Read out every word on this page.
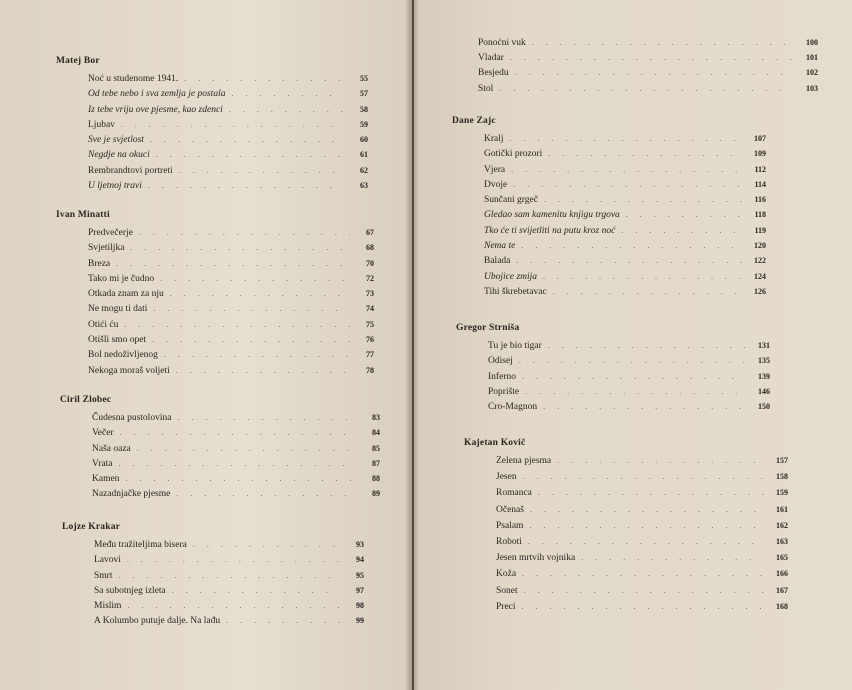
Matej Bor
Noć u studenome 1941. . . .	55
Od tebe nebo i sva zemlja je postala . . .	57
Iz tebe vriju ove pjesme, kao zdenci . . .	58
Ljubav . . .	59
Sve je svjetlost . . .	60
Negdje na okuci . . .	61
Rembrandtovi portreti . . .	62
U ljetnoj travi . . .	63
Ivan Minatti
Predvečerje . . .	67
Svjetiljka . . .	68
Breza . . .	70
Tako mi je čudno . . .	72
Otkada znam za nju . . .	73
Ne mogu ti dati . . .	74
Otići ću . . .	75
Otišli smo opet . . .	76
Bol nedoživljenog . . .	77
Nekoga moraš voljeti . . .	78
Ciril Zlobec
Čudesna pustolovina . . .	83
Večer . . .	84
Naša oaza . . .	85
Vrata . . .	87
Kamen . . .	88
Nazadnjačke pjesme . . .	89
Lojze Krakar
Među tražiteljima bisera . . .	93
Lavovi . . .	94
Smrt . . .	95
Sa subotnjeg izleta . . .	97
Mislim . . .	98
A Kolumbo putuje dalje. Na lađu . . .	99
Ponoćni vuk . . .	100
Vladar . . .	101
Besjedu . . .	102
Stol . . .	103
Dane Zajc
Kralj . . .	107
Gotički prozori . . .	109
Vjera . . .	112
Dvoje . . .	114
Sunčani grgeč . . .	116
Gledao sam kamenitu knjigu trgova . . .	118
Tko će ti svijetliti na putu kroz noć . . .	119
Nema te . . .	120
Balada . . .	122
Ubojice zmija . . .	124
Tihi škrebetavac . . .	126
Gregor Strniša
Tu je bio tigar . . .	131
Odisej . . .	135
Inferno . . .	139
Poprište . . .	146
Cro-Magnon . . .	150
Kajetan Kovič
Zelena pjesma . . .	157
Jesen . . .	158
Romanca . . .	159
Očenaš . . .	161
Psalam . . .	162
Roboti . . .	163
Jesen mrtvih vojnika . . .	165
Koža . . .	166
Sonet . . .	167
Preci . . .	168
